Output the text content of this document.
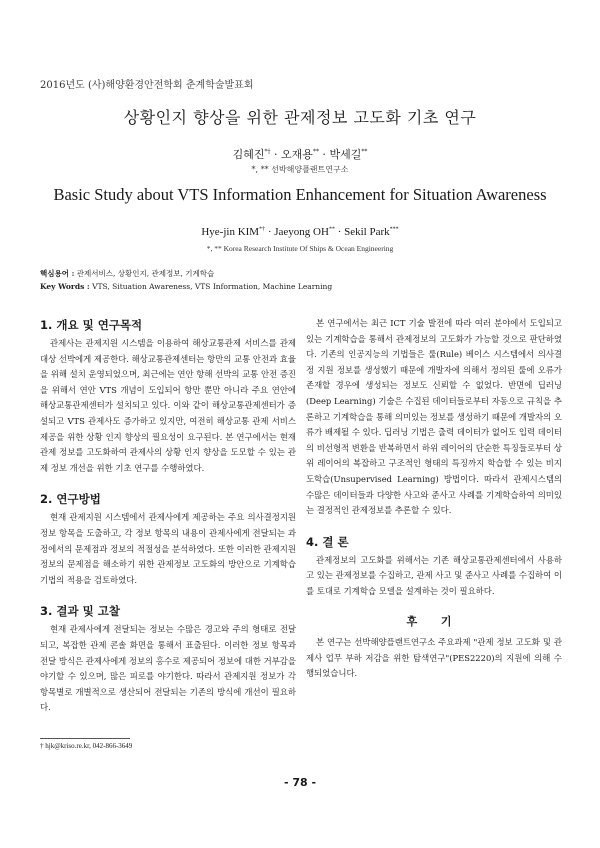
2016년도 (사)해양환경안전학회 춘계학술발표회
상황인지 향상을 위한 관제정보 고도화 기초 연구
김혜진*† · 오재용** · 박세길**
*, ** 선박해양플랜트연구소
Basic Study about VTS Information Enhancement for Situation Awareness
Hye-jin KIM*† · Jaeyong OH** · Sekil Park***
*, ** Korea Research Institute Of Ships & Ocean Engineering
핵심용어 : 관제서비스, 상황인지, 관제정보, 기계학습
Key Words : VTS, Situation Awareness, VTS Information, Machine Learning
1. 개요 및 연구목적

관제사는 관제지원 시스템을 이용하여 해상교통관제 서비스를 관제 대상 선박에게 제공한다. 해상교통관제센터는 항만의 교통 안전과 효율을 위해 설치 운영되었으며, 최근에는 연안 항해 선박의 교통 안전 증진을 위해서 연안 VTS 개념이 도입되어 항만 뿐만 아니라 주요 연안에 해상교통관제센터가 설치되고 있다. 이와 같이 해상교통관제센터가 증설되고 VTS 관제사도 증가하고 있지만, 여전히 해상교통 관제 서비스 제공을 위한 상황 인지 향상의 필요성이 요구된다. 본 연구에서는 현재 관제 정보를 고도화하여 관제사의 상황 인지 향상을 도모할 수 있는 관제 정보 개선을 위한 기초 연구를 수행하였다.

2. 연구방법

현재 관제지원 시스템에서 관제사에게 제공하는 주요 의사결정지원 정보 항목을 도출하고, 각 정보 항목의 내용이 관제사에게 전달되는 과정에서의 문제점과 정보의 적절성을 분석하였다. 또한 이러한 관제지원 정보의 문제점을 해소하기 위한 관제정보 고도화의 방안으로 기계학습 기법의 적용을 검토하였다.

3. 결과 및 고찰

현재 관제사에게 전달되는 정보는 수많은 경고와 주의 형태로 전달되고, 복잡한 관제 콘솔 화면을 통해서 표출된다. 이러한 정보 항목과 전달 방식은 관제사에게 정보의 홍수로 제공되어 정보에 대한 거부감을 야기할 수 있으며, 많은 피로를 야기한다. 따라서 관제지원 정보가 각 항목별로 개별적으로 생산되어 전달되는 기존의 방식에 개선이 필요하다.

본 연구에서는 최근 ICT 기술 발전에 따라 여러 분야에서 도입되고 있는 기계학습을 통해서 관제정보의 고도화가 가능할 것으로 판단하였다. 기존의 인공지능의 기법들은 룰(Rule) 베이스 시스템에서 의사결정 지원 정보를 생성했기 때문에 개발자에 의해서 정의된 룰에 오류가 존재할 경우에 생성되는 정보도 신뢰할 수 없었다. 반면에 딥러닝(Deep Learning) 기술은 수집된 데이터들로부터 자동으로 규칙을 추론하고 기계학습을 통해 의미있는 정보를 생성하기 때문에 개발자의 오류가 배제될 수 있다. 딥러닝 기법은 출력 데이터가 없어도 입력 데이터의 비선형적 변환을 반복하면서 하위 레이어의 단순한 특징들로부터 상위 레이어의 복잡하고 구조적인 형태의 특징까지 학습할 수 있는 비지도학습(Unsupervised Learning) 방법이다. 따라서 관제시스템의 수많은 데이터들과 다양한 사고와 준사고 사례를 기계학습하여 의미있는 결정적인 관제정보를 추론할 수 있다.

4. 결 론

관제정보의 고도화를 위해서는 기존 해상교통관제센터에서 사용하고 있는 관제정보를 수집하고, 관제 사고 및 준사고 사례를 수집하여 이를 토대로 기계학습 모델을 설계하는 것이 필요하다.

후 기

본 연구는 선박해양플랜트연구소 주요과제 "관제 정보 고도화 및 관제사 업무 부하 저감을 위한 탐색연구"(PES2220)의 지원에 의해 수행되었습니다.

† hjk@kriso.re.kr, 042-866-3649
- 78 -
